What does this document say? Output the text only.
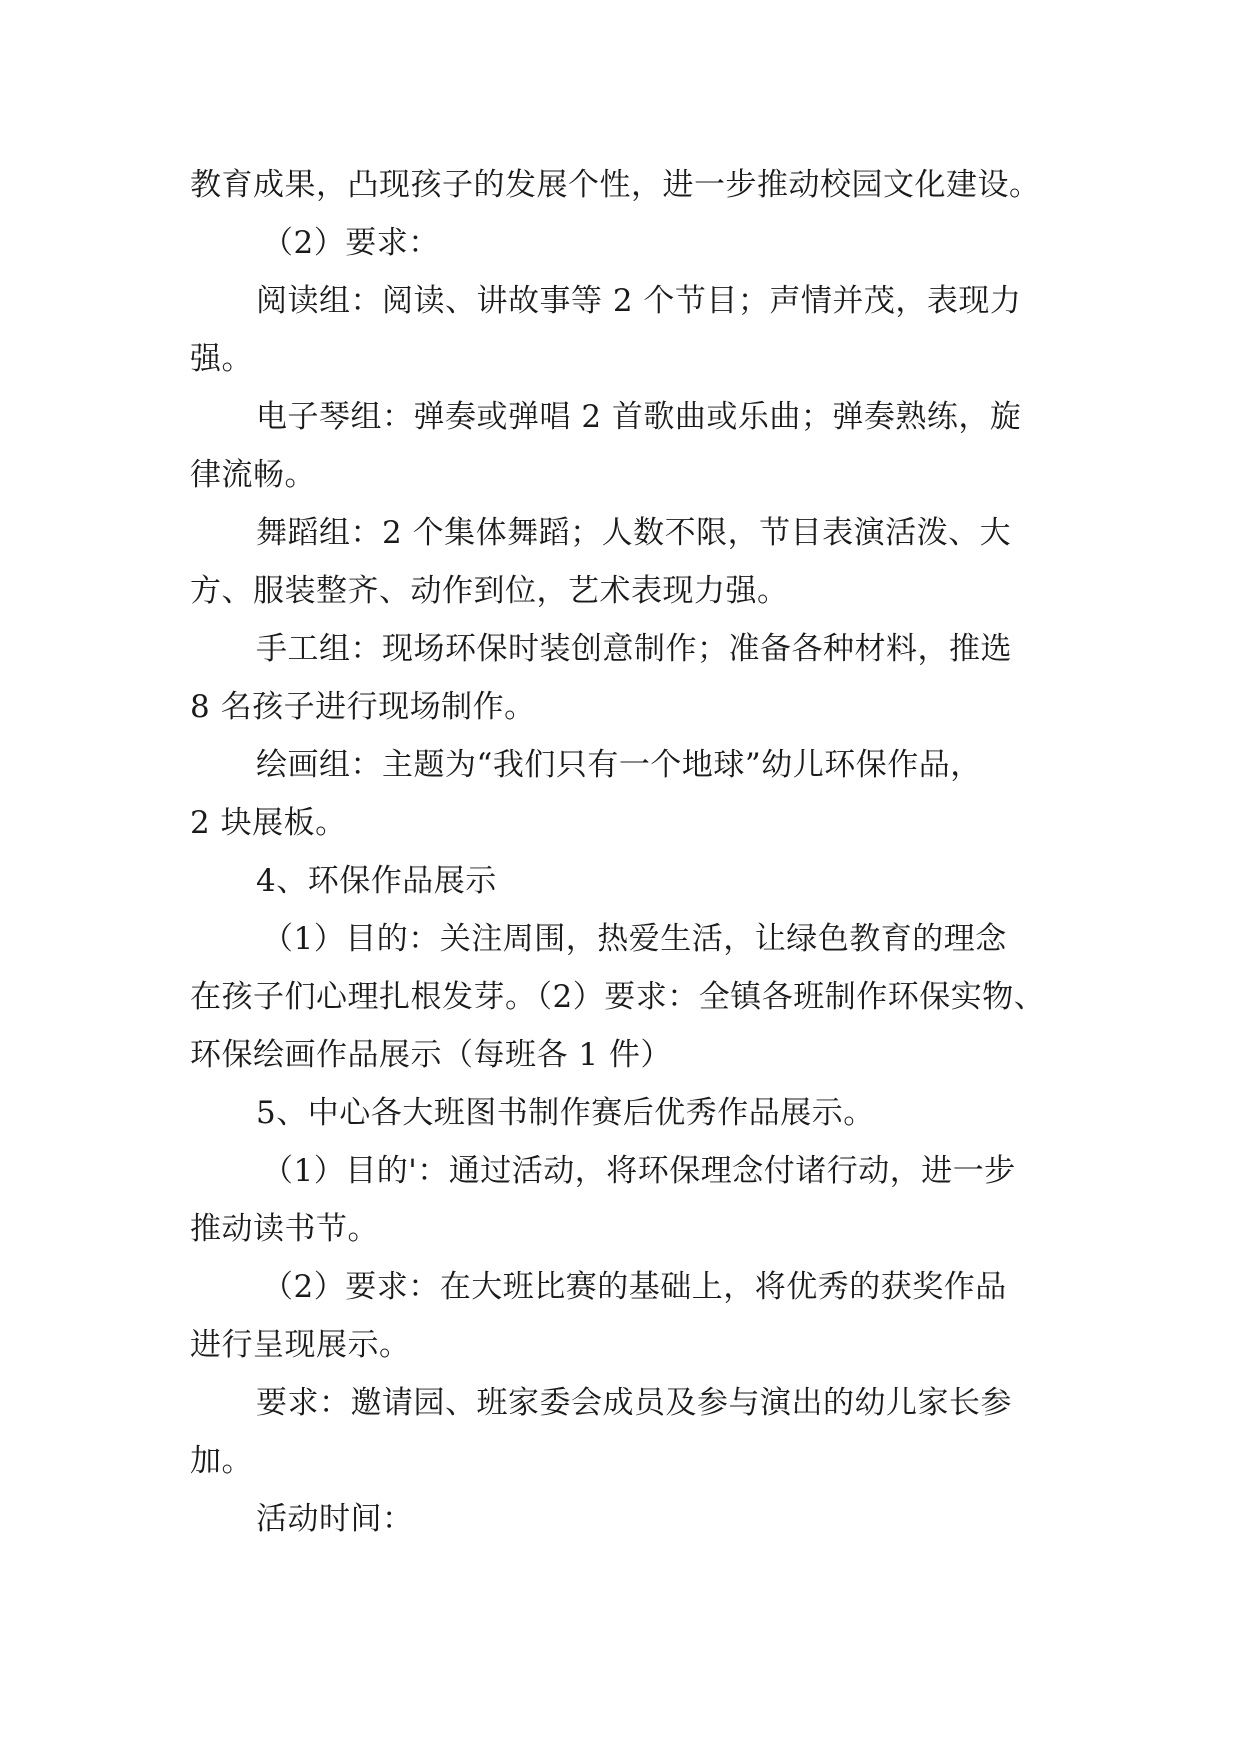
教育成果，凸现孩子的发展个性，进一步推动校园文化建设。
（2）要求：
阅读组：阅读、讲故事等 2 个节目；声情并茂，表现力
强。
电子琴组：弹奏或弹唱 2 首歌曲或乐曲；弹奏熟练，旋
律流畅。
舞蹈组：2 个集体舞蹈；人数不限，节目表演活泼、大
方、服装整齐、动作到位，艺术表现力强。
手工组：现场环保时装创意制作；准备各种材料，推选
8 名孩子进行现场制作。
绘画组：主题为“我们只有一个地球”幼儿环保作品，
2 块展板。
4、环保作品展示
（1）目的：关注周围，热爱生活，让绿色教育的理念
在孩子们心理扎根发芽。（2）要求：全镇各班制作环保实物、
环保绘画作品展示（每班各 1 件）
5、中心各大班图书制作赛后优秀作品展示。
（1）目的'：通过活动，将环保理念付诸行动，进一步
推动读书节。
（2）要求：在大班比赛的基础上，将优秀的获奖作品
进行呈现展示。
要求：邀请园、班家委会成员及参与演出的幼儿家长参
加。
活动时间：
